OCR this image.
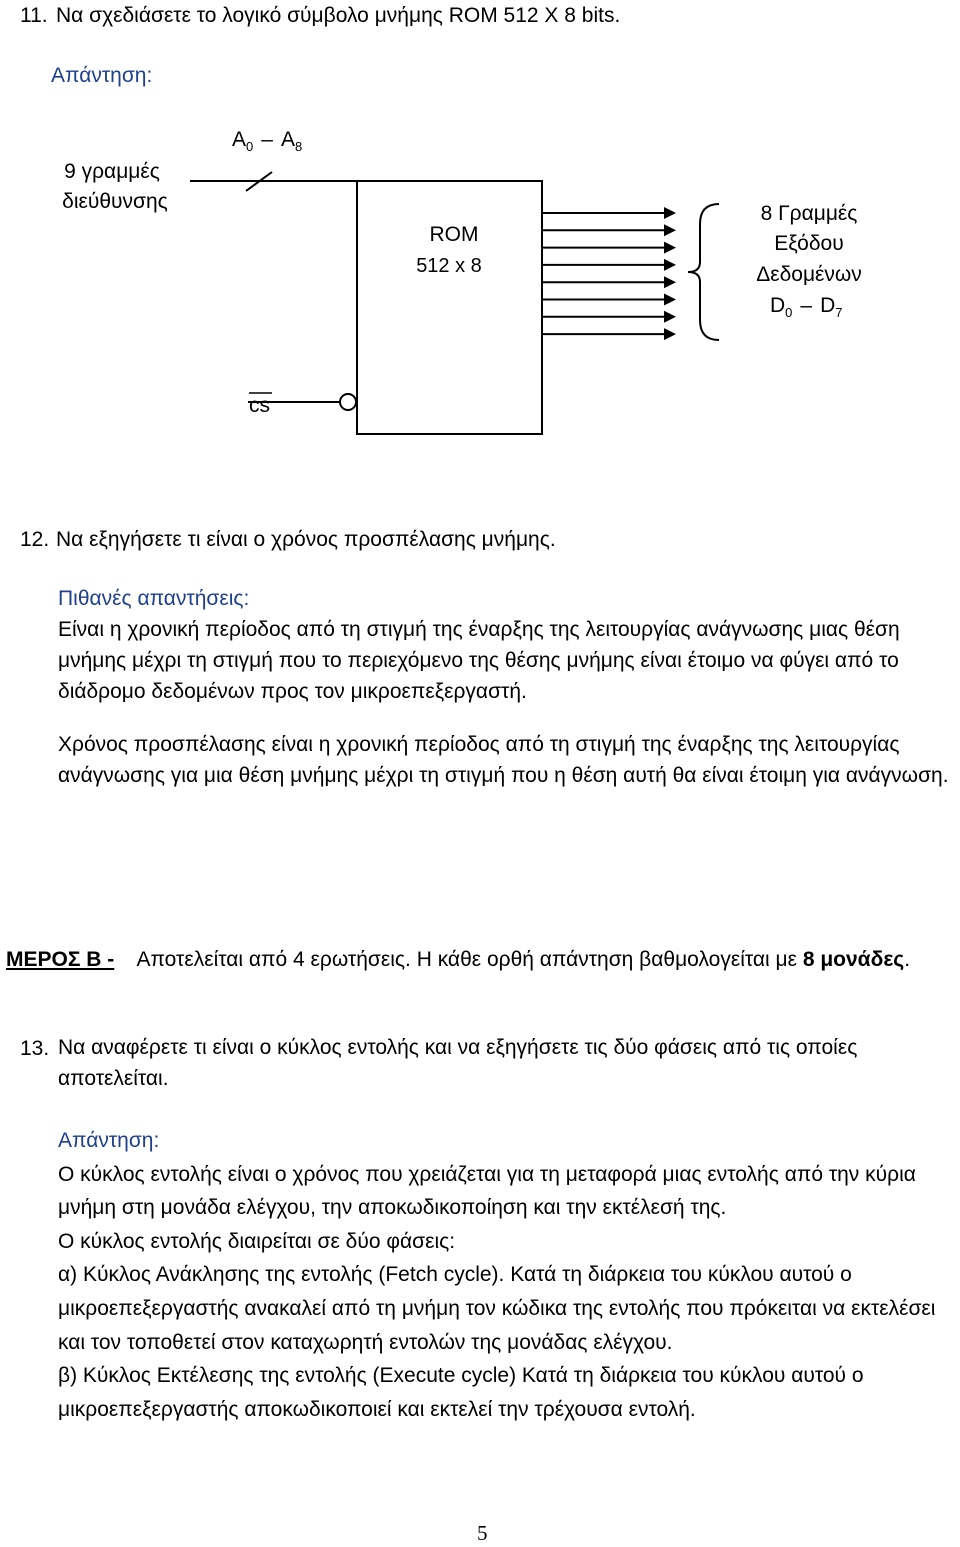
11. Να σχεδιάσετε το λογικό σύμβολο μνήμης ROM 512 X 8 bits.
Απάντηση:
ROM
512 x 8
9 γραμμές
διεύθυνσης
$A_0 - A_8$
8 Γραμμές
Εξόδου
Δεδομένων
$D_0 - D_7$
cs
12. Να εξηγήσετε τι είναι ο χρόνος προσπέλασης μνήμης.

Πιθανές απαντήσεις:

Είναι η χρονική περίοδος από τη στιγμή της έναρξης της λειτουργίας ανάγνωσης μιας θέση μνήμης μέχρι τη στιγμή που το περιεχόμενο της θέσης μνήμης είναι έτοιμο να φύγει από το διάδρομο δεδομένων προς τον μικροεπεξεργαστή.

Χρόνος προσπέλασης είναι η χρονική περίοδος από τη στιγμή της έναρξης της λειτουργίας ανάγνωσης για μια θέση μνήμης μέχρι τη στιγμή που η θέση αυτή θα είναι έτοιμη για ανάγνωση.

ΜΕΡΟΣ Β - Αποτελείται από 4 ερωτήσεις. Η κάθε ορθή απάντηση βαθμολογείται με 8 μονάδες.

13. Να αναφέρετε τι είναι ο κύκλος εντολής και να εξηγήσετε τις δύο φάσεις από τις οποίες αποτελείται.

Απάντηση:

Ο κύκλος εντολής είναι ο χρόνος που χρειάζεται για τη μεταφορά μιας εντολής από την κύρια μνήμη στη μονάδα ελέγχου, την αποκωδικοποίηση και την εκτέλεσή της.

Ο κύκλος εντολής διαιρείται σε δύο φάσεις:

α) Κύκλος Ανάκλησης της εντολής (Fetch cycle). Κατά τη διάρκεια του κύκλου αυτού ο μικροεπεξεργαστής ανακαλεί από τη μνήμη τον κώδικα της εντολής που πρόκειται να εκτελέσει και τον τοποθετεί στον καταχωρητή εντολών της μονάδας ελέγχου.

β) Κύκλος Εκτέλεσης της εντολής (Execute cycle) Κατά τη διάρκεια του κύκλου αυτού ο μικροεπεξεργαστής αποκωδικοποιεί και εκτελεί την τρέχουσα εντολή.

5
